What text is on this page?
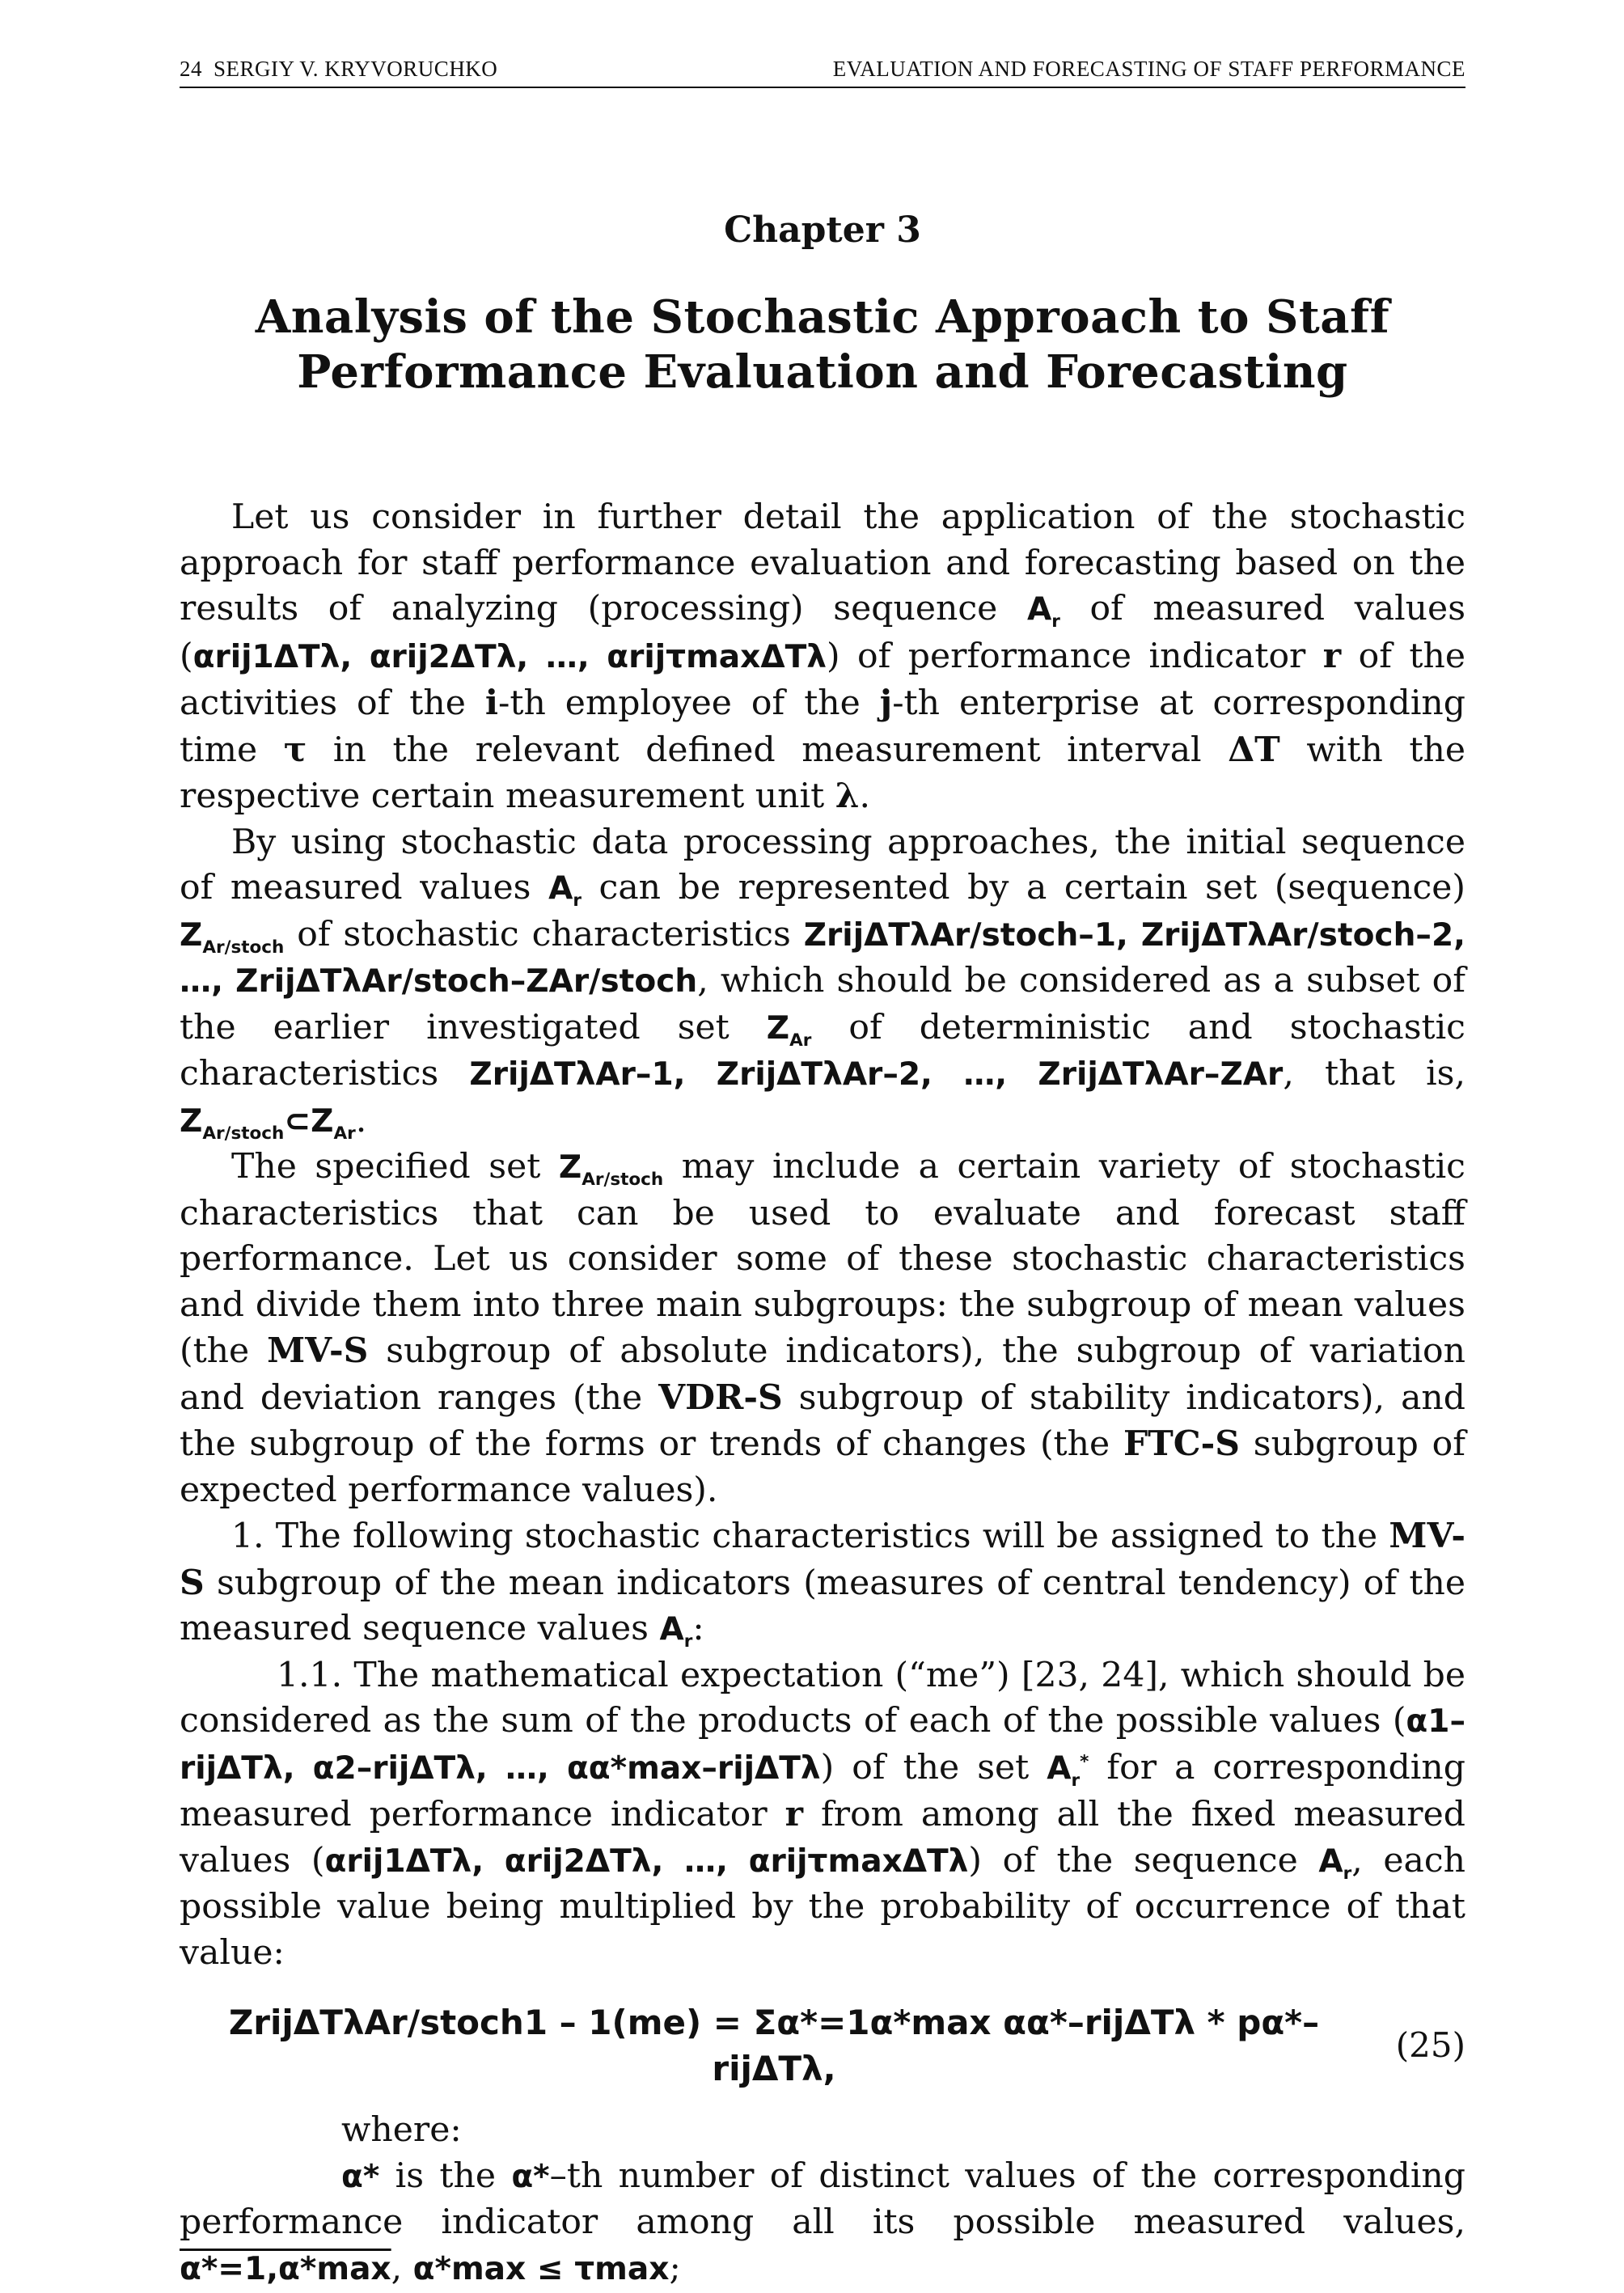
24 SERGIY V. KRYVORUCHKO	EVALUATION AND FORECASTING OF STAFF PERFORMANCE
Chapter 3
Analysis of the Stochastic Approach to Staff
Performance Evaluation and Forecasting

Let us consider in further detail the application of the stochastic approach for staff performance evaluation and forecasting based on the results of analyzing (processing) sequence $A_r$ of measured values (αrij1ΔTλ, αrij2ΔTλ, …, αrijτmaxΔTλ) of performance indicator r of the activities of the i-th employee of the j-th enterprise at corresponding time τ in the relevant defined measurement interval ΔT with the respective certain measurement unit λ.

By using stochastic data processing approaches, the initial sequence of measured values $A_r$ can be represented by a certain set (sequence) $Z_{Ar/stoch}$ of stochastic characteristics ZrijΔTλAr/stoch–1, ZrijΔTλAr/stoch–2, …, ZrijΔTλAr/stoch–ZAr/stoch, which should be considered as a subset of the earlier investigated set $Z_{Ar}$ of deterministic and stochastic characteristics ZrijΔTλAr–1, ZrijΔTλAr–2, …, ZrijΔTλAr–ZAr, that is, $Z_{Ar/stoch}\subset Z_{Ar}$.

The specified set $Z_{Ar/stoch}$ may include a certain variety of stochastic characteristics that can be used to evaluate and forecast staff performance. Let us consider some of these stochastic characteristics and divide them into three main subgroups: the subgroup of mean values (the MV-S subgroup of absolute indicators), the subgroup of variation and deviation ranges (the VDR-S subgroup of stability indicators), and the subgroup of the forms or trends of changes (the FTC-S subgroup of expected performance values).

1. The following stochastic characteristics will be assigned to the MV-S subgroup of the mean indicators (measures of central tendency) of the measured sequence values $A_r$:

1.1. The mathematical expectation (“me”) [23, 24], which should be considered as the sum of the products of each of the possible values (α1–rijΔTλ, α2–rijΔTλ, …, αα*max–rijΔTλ) of the set $A_r^*$ for a corresponding measured performance indicator r from among all the fixed measured values (αrij1ΔTλ, αrij2ΔTλ, …, αrijτmaxΔTλ) of the sequence $A_r$, each possible value being multiplied by the probability of occurrence of that value:

ZrijΔTλAr/stoch1 – 1(me) = Σα*=1α*max αα*–rijΔTλ * pα*–rijΔTλ,
(25)

where:

α* is the α*–th number of distinct values of the corresponding performance indicator among all its possible measured values, α*=1,α*max, α*max ≤ τmax;
